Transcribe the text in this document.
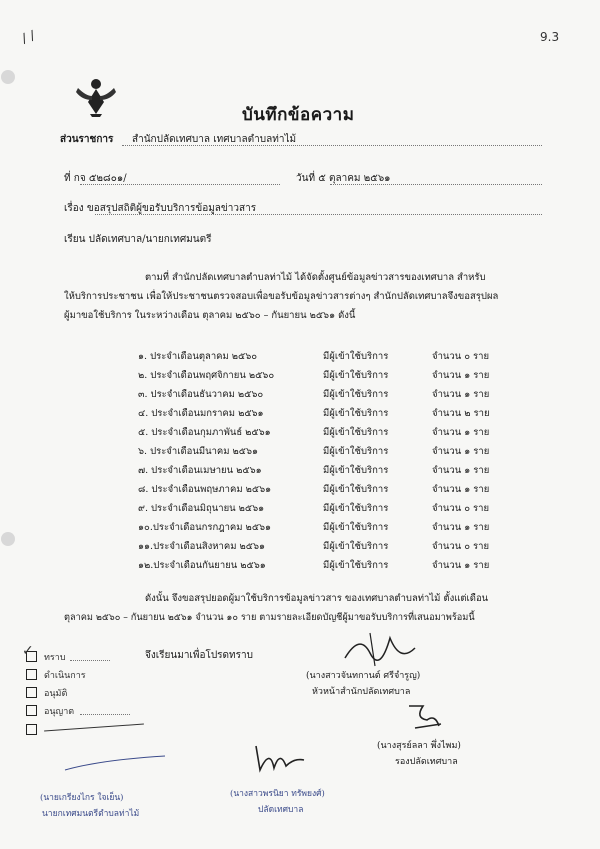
/ /	9.3
บันทึกข้อความ
ส่วนราชการ สำนักปลัดเทศบาล เทศบาลตำบลท่าไม้
ที่ กจ ๕๒๘๐๑/	วันที่ ๕ ตุลาคม ๒๕๖๑
เรื่อง ขอสรุปสถิติผู้ขอรับบริการข้อมูลข่าวสาร
เรียน ปลัดเทศบาล/นายกเทศมนตรี
ตามที่ สำนักปลัดเทศบาลตำบลท่าไม้ ได้จัดตั้งศูนย์ข้อมูลข่าวสารของเทศบาล สำหรับ
ให้บริการประชาชน เพื่อให้ประชาชนตรวจสอบเพื่อขอรับข้อมูลข่าวสารต่างๆ สำนักปลัดเทศบาลจึงขอสรุปผล
ผู้มาขอใช้บริการ ในระหว่างเดือน ตุลาคม ๒๕๖๐ – กันยายน ๒๕๖๑ ดังนี้
๑. ประจำเดือนตุลาคม ๒๕๖๐	มีผู้เข้าใช้บริการ	จำนวน ๐ ราย
๒. ประจำเดือนพฤศจิกายน ๒๕๖๐	มีผู้เข้าใช้บริการ	จำนวน ๑ ราย
๓. ประจำเดือนธันวาคม ๒๕๖๐	มีผู้เข้าใช้บริการ	จำนวน ๑ ราย
๔. ประจำเดือนมกราคม ๒๕๖๑	มีผู้เข้าใช้บริการ	จำนวน ๒ ราย
๕. ประจำเดือนกุมภาพันธ์ ๒๕๖๑	มีผู้เข้าใช้บริการ	จำนวน ๑ ราย
๖. ประจำเดือนมีนาคม ๒๕๖๑	มีผู้เข้าใช้บริการ	จำนวน ๑ ราย
๗. ประจำเดือนเมษายน ๒๕๖๑	มีผู้เข้าใช้บริการ	จำนวน ๑ ราย
๘. ประจำเดือนพฤษภาคม ๒๕๖๑	มีผู้เข้าใช้บริการ	จำนวน ๑ ราย
๙. ประจำเดือนมิถุนายน ๒๕๖๑	มีผู้เข้าใช้บริการ	จำนวน ๐ ราย
๑๐.ประจำเดือนกรกฎาคม ๒๕๖๑	มีผู้เข้าใช้บริการ	จำนวน ๑ ราย
๑๑.ประจำเดือนสิงหาคม ๒๕๖๑	มีผู้เข้าใช้บริการ	จำนวน ๐ ราย
๑๒.ประจำเดือนกันยายน ๒๕๖๑	มีผู้เข้าใช้บริการ	จำนวน ๑ ราย
ดังนั้น จึงขอสรุปยอดผู้มาใช้บริการข้อมูลข่าวสาร ของเทศบาลตำบลท่าไม้ ตั้งแต่เดือน
ตุลาคม ๒๕๖๐ – กันยายน ๒๕๖๑ จำนวน ๑๐ ราย ตามรายละเอียดบัญชีผู้มาขอรับบริการที่เสนอมาพร้อมนี้
จึงเรียนมาเพื่อโปรดทราบ
(นางสาวจันทกานต์ ศรีจำรูญ)
หัวหน้าสำนักปลัดเทศบาล
(นางสุรย์ลลา พึ่งไพม)
รองปลัดเทศบาล
✓ ทราบ
ดำเนินการ
อนุมัติ
อนุญาต
(นายเกรียงไกร ใจเย็น)
นายกเทศมนตรีตำบลท่าไม้
(นางสาวพรนิยา ทรัพยงศ์)
ปลัดเทศบาล
